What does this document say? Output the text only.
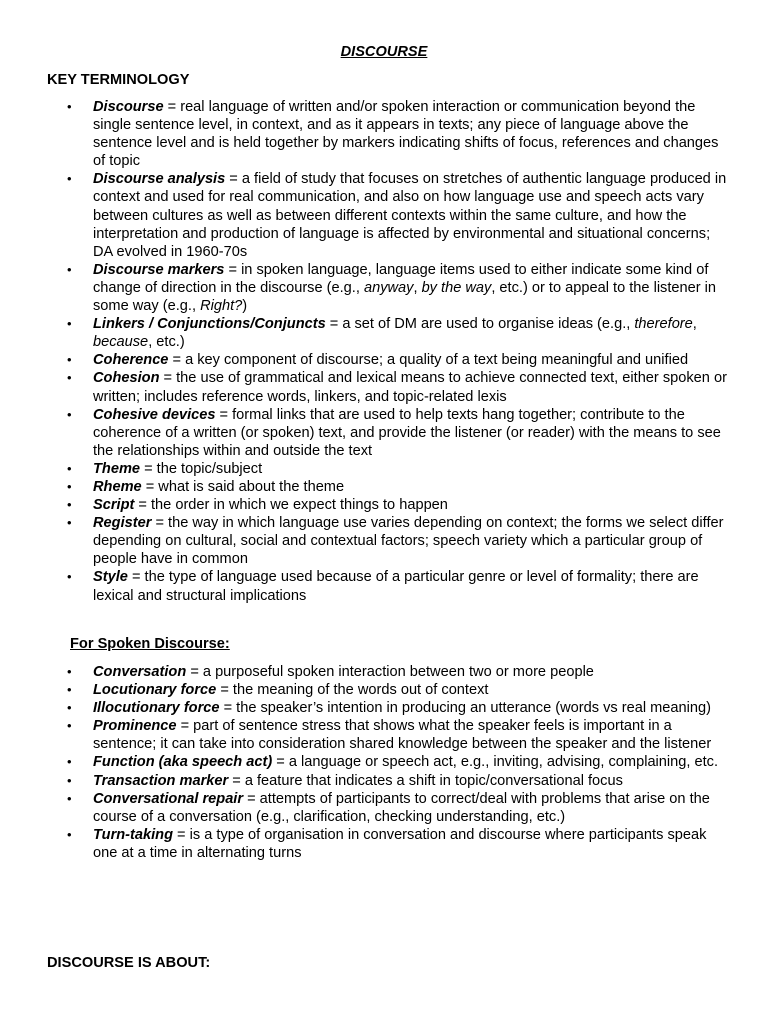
DISCOURSE
KEY TERMINOLOGY
• Discourse = real language of written and/or spoken interaction or communication beyond the single sentence level, in context, and as it appears in texts; any piece of language above the sentence level and is held together by markers indicating shifts of focus, references and changes of topic
• Discourse analysis = a field of study that focuses on stretches of authentic language produced in context and used for real communication, and also on how language use and speech acts vary between cultures as well as between different contexts within the same culture, and how the interpretation and production of language is affected by environmental and situational concerns; DA evolved in 1960-70s
• Discourse markers = in spoken language, language items used to either indicate some kind of change of direction in the discourse (e.g., anyway, by the way, etc.) or to appeal to the listener in some way (e.g., Right?)
• Linkers / Conjunctions/Conjuncts = a set of DM are used to organise ideas (e.g., therefore, because, etc.)
• Coherence = a key component of discourse; a quality of a text being meaningful and unified
• Cohesion = the use of grammatical and lexical means to achieve connected text, either spoken or written; includes reference words, linkers, and topic-related lexis
• Cohesive devices = formal links that are used to help texts hang together; contribute to the coherence of a written (or spoken) text, and provide the listener (or reader) with the means to see the relationships within and outside the text
• Theme = the topic/subject
• Rheme = what is said about the theme
• Script = the order in which we expect things to happen
• Register = the way in which language use varies depending on context; the forms we select differ depending on cultural, social and contextual factors; speech variety which a particular group of people have in common
• Style = the type of language used because of a particular genre or level of formality; there are lexical and structural implications
For Spoken Discourse:
• Conversation = a purposeful spoken interaction between two or more people
• Locutionary force = the meaning of the words out of context
• Illocutionary force = the speaker’s intention in producing an utterance (words vs real meaning)
• Prominence = part of sentence stress that shows what the speaker feels is important in a sentence; it can take into consideration shared knowledge between the speaker and the listener
• Function (aka speech act) = a language or speech act, e.g., inviting, advising, complaining, etc.
• Transaction marker = a feature that indicates a shift in topic/conversational focus
• Conversational repair = attempts of participants to correct/deal with problems that arise on the course of a conversation (e.g., clarification, checking understanding, etc.)
• Turn-taking = is a type of organisation in conversation and discourse where participants speak one at a time in alternating turns
DISCOURSE IS ABOUT:
